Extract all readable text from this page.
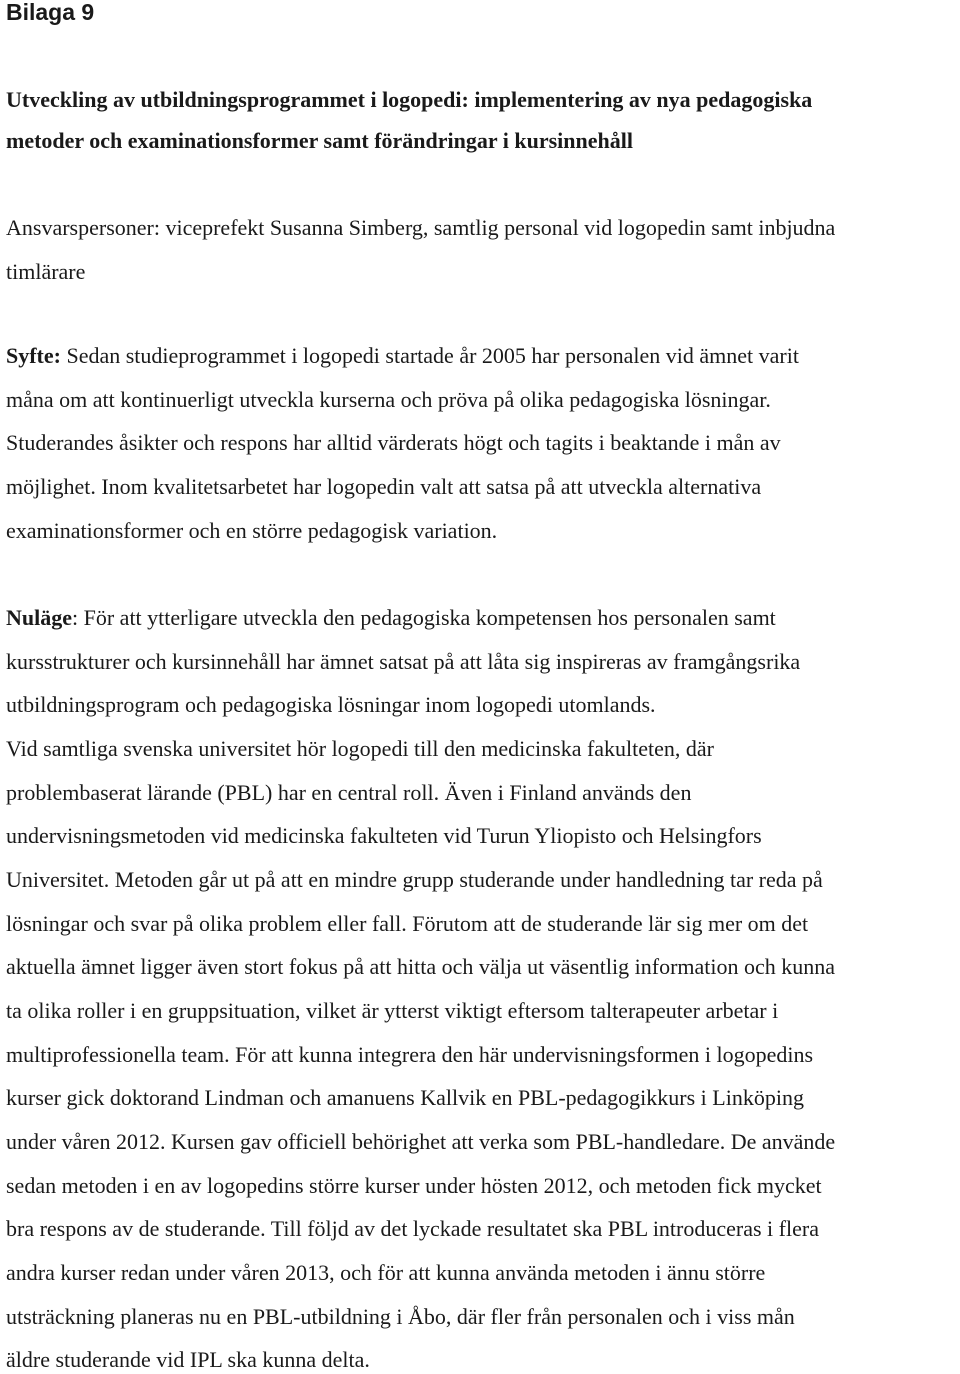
Bilaga 9
Utveckling av utbildningsprogrammet i logopedi: implementering av nya pedagogiska
metoder och examinationsformer samt förändringar i kursinnehåll
Ansvarspersoner: viceprefekt Susanna Simberg, samtlig personal vid logopedin samt inbjudna
timlärare
Syfte: Sedan studieprogrammet i logopedi startade år 2005 har personalen vid ämnet varit
måna om att kontinuerligt utveckla kurserna och pröva på olika pedagogiska lösningar.
Studerandes åsikter och respons har alltid värderats högt och tagits i beaktande i mån av
möjlighet. Inom kvalitetsarbetet har logopedin valt att satsa på att utveckla alternativa
examinationsformer och en större pedagogisk variation.
Nuläge: För att ytterligare utveckla den pedagogiska kompetensen hos personalen samt
kursstrukturer och kursinnehåll har ämnet satsat på att låta sig inspireras av framgångsrika
utbildningsprogram och pedagogiska lösningar inom logopedi utomlands.
Vid samtliga svenska universitet hör logopedi till den medicinska fakulteten, där
problembaserat lärande (PBL) har en central roll. Även i Finland används den
undervisningsmetoden vid medicinska fakulteten vid Turun Yliopisto och Helsingfors
Universitet. Metoden går ut på att en mindre grupp studerande under handledning tar reda på
lösningar och svar på olika problem eller fall. Förutom att de studerande lär sig mer om det
aktuella ämnet ligger även stort fokus på att hitta och välja ut väsentlig information och kunna
ta olika roller i en gruppsituation, vilket är ytterst viktigt eftersom talterapeuter arbetar i
multiprofessionella team. För att kunna integrera den här undervisningsformen i logopedins
kurser gick doktorand Lindman och amanuens Kallvik en PBL-pedagogikkurs i Linköping
under våren 2012. Kursen gav officiell behörighet att verka som PBL-handledare. De använde
sedan metoden i en av logopedins större kurser under hösten 2012, och metoden fick mycket
bra respons av de studerande. Till följd av det lyckade resultatet ska PBL introduceras i flera
andra kurser redan under våren 2013, och för att kunna använda metoden i ännu större
utsträckning planeras nu en PBL-utbildning i Åbo, där fler från personalen och i viss mån
äldre studerande vid IPL ska kunna delta.
